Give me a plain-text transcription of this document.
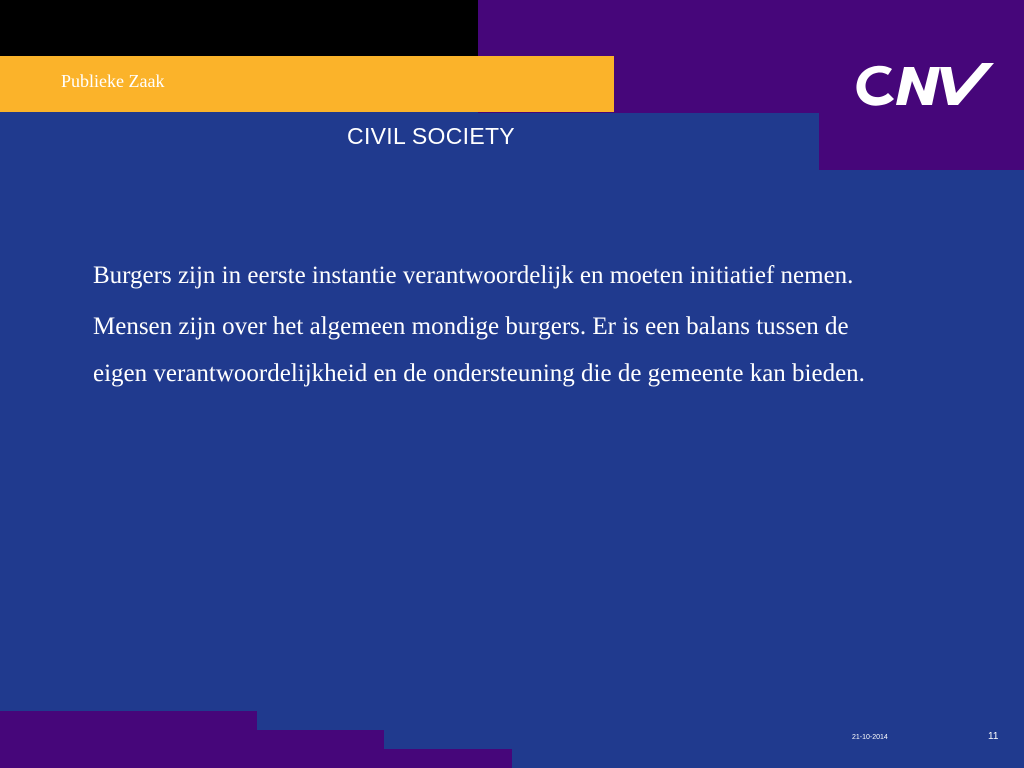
Publieke Zaak
CIVIL SOCIETY

Burgers zijn in eerste instantie verantwoordelijk en moeten initiatief nemen.

Mensen zijn over het algemeen mondige burgers. Er is een balans tussen de eigen verantwoordelijkheid en de ondersteuning die de gemeente kan bieden.

21-10-2014	11
